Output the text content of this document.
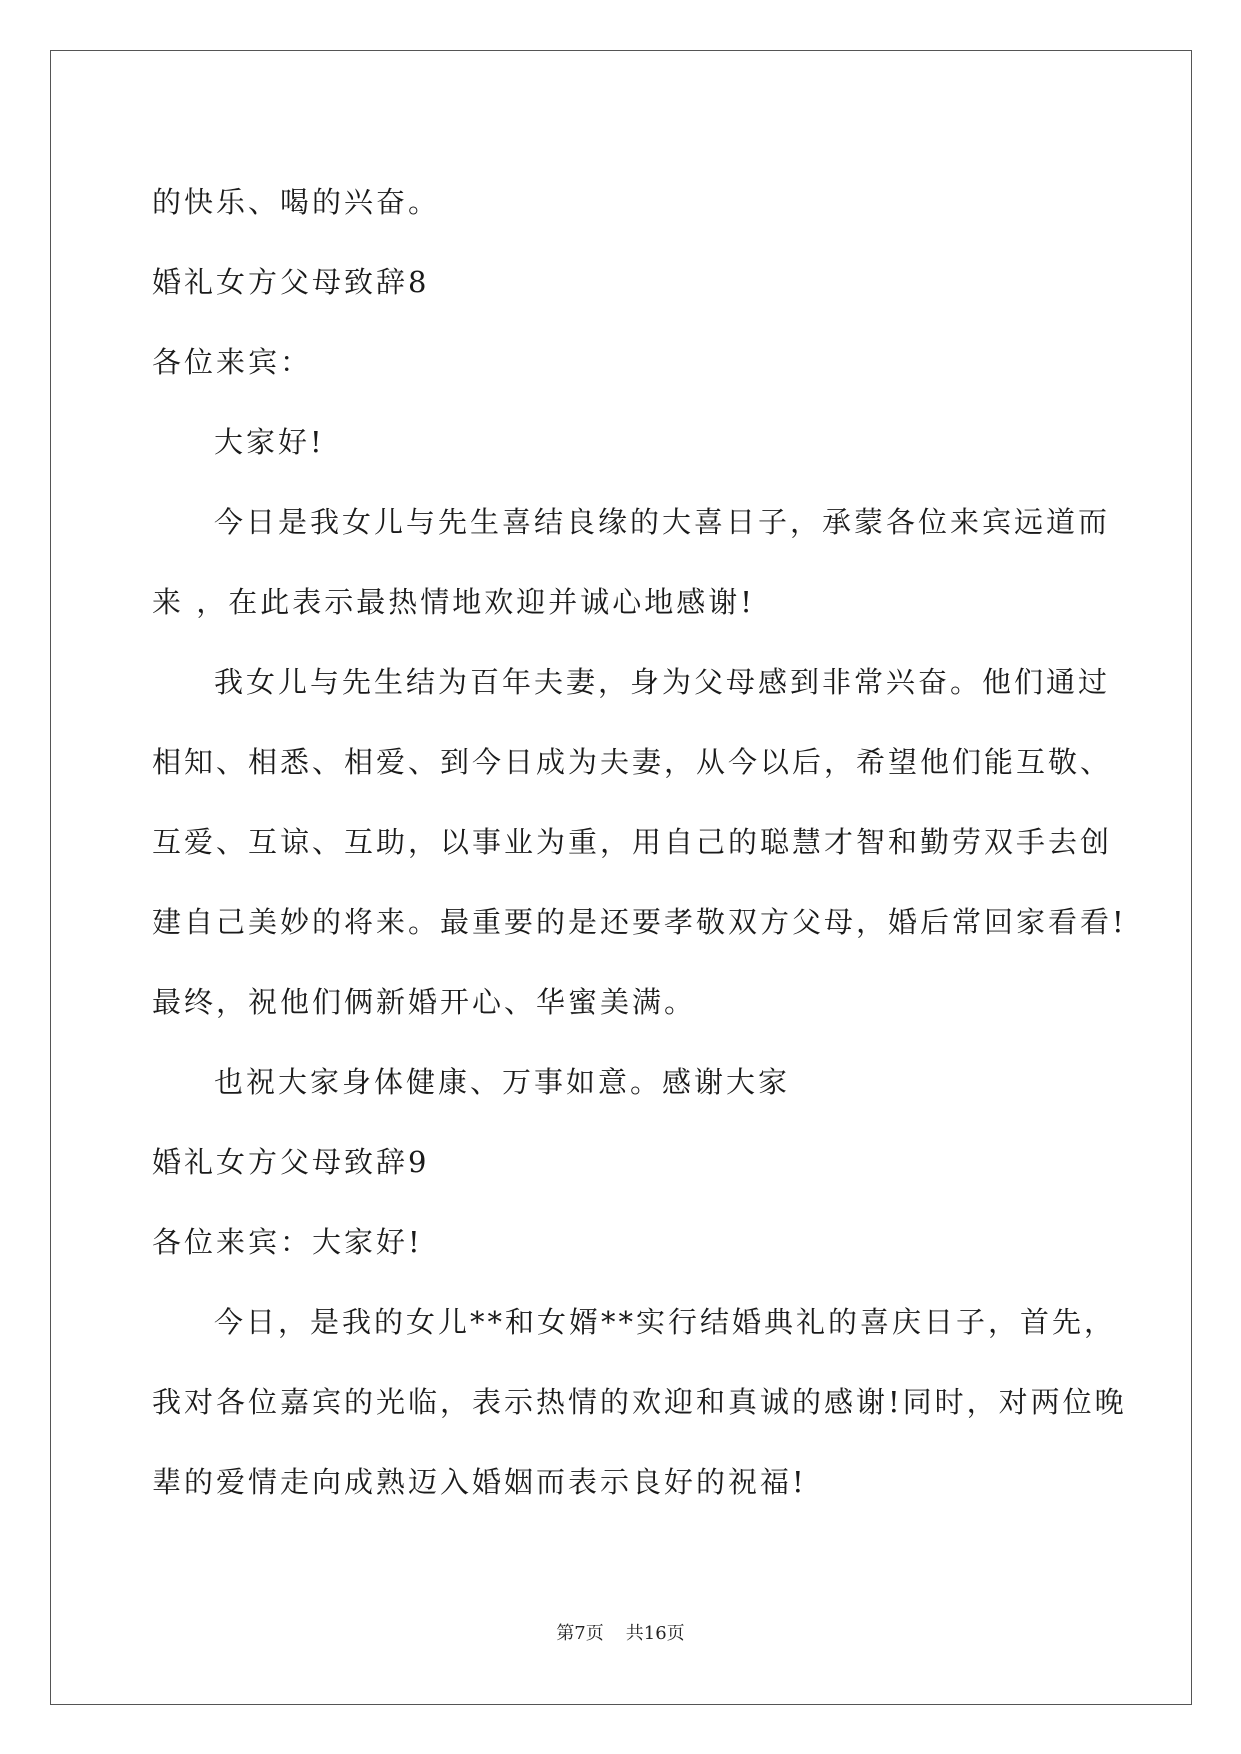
的快乐、喝的兴奋。

婚礼女方父母致辞8

各位来宾：

大家好!

今日是我女儿与先生喜结良缘的大喜日子，承蒙各位来宾远道而

来 ，在此表示最热情地欢迎并诚心地感谢!

我女儿与先生结为百年夫妻，身为父母感到非常兴奋。他们通过

相知、相悉、相爱、到今日成为夫妻，从今以后，希望他们能互敬、

互爱、互谅、互助，以事业为重，用自己的聪慧才智和勤劳双手去创

建自己美妙的将来。最重要的是还要孝敬双方父母，婚后常回家看看!

最终，祝他们俩新婚开心、华蜜美满。

也祝大家身体健康、万事如意。感谢大家

婚礼女方父母致辞9

各位来宾：大家好!

今日，是我的女儿**和女婿**实行结婚典礼的喜庆日子，首先，

我对各位嘉宾的光临，表示热情的欢迎和真诚的感谢!同时，对两位晚

辈的爱情走向成熟迈入婚姻而表示良好的祝福!

第7页 共16页
